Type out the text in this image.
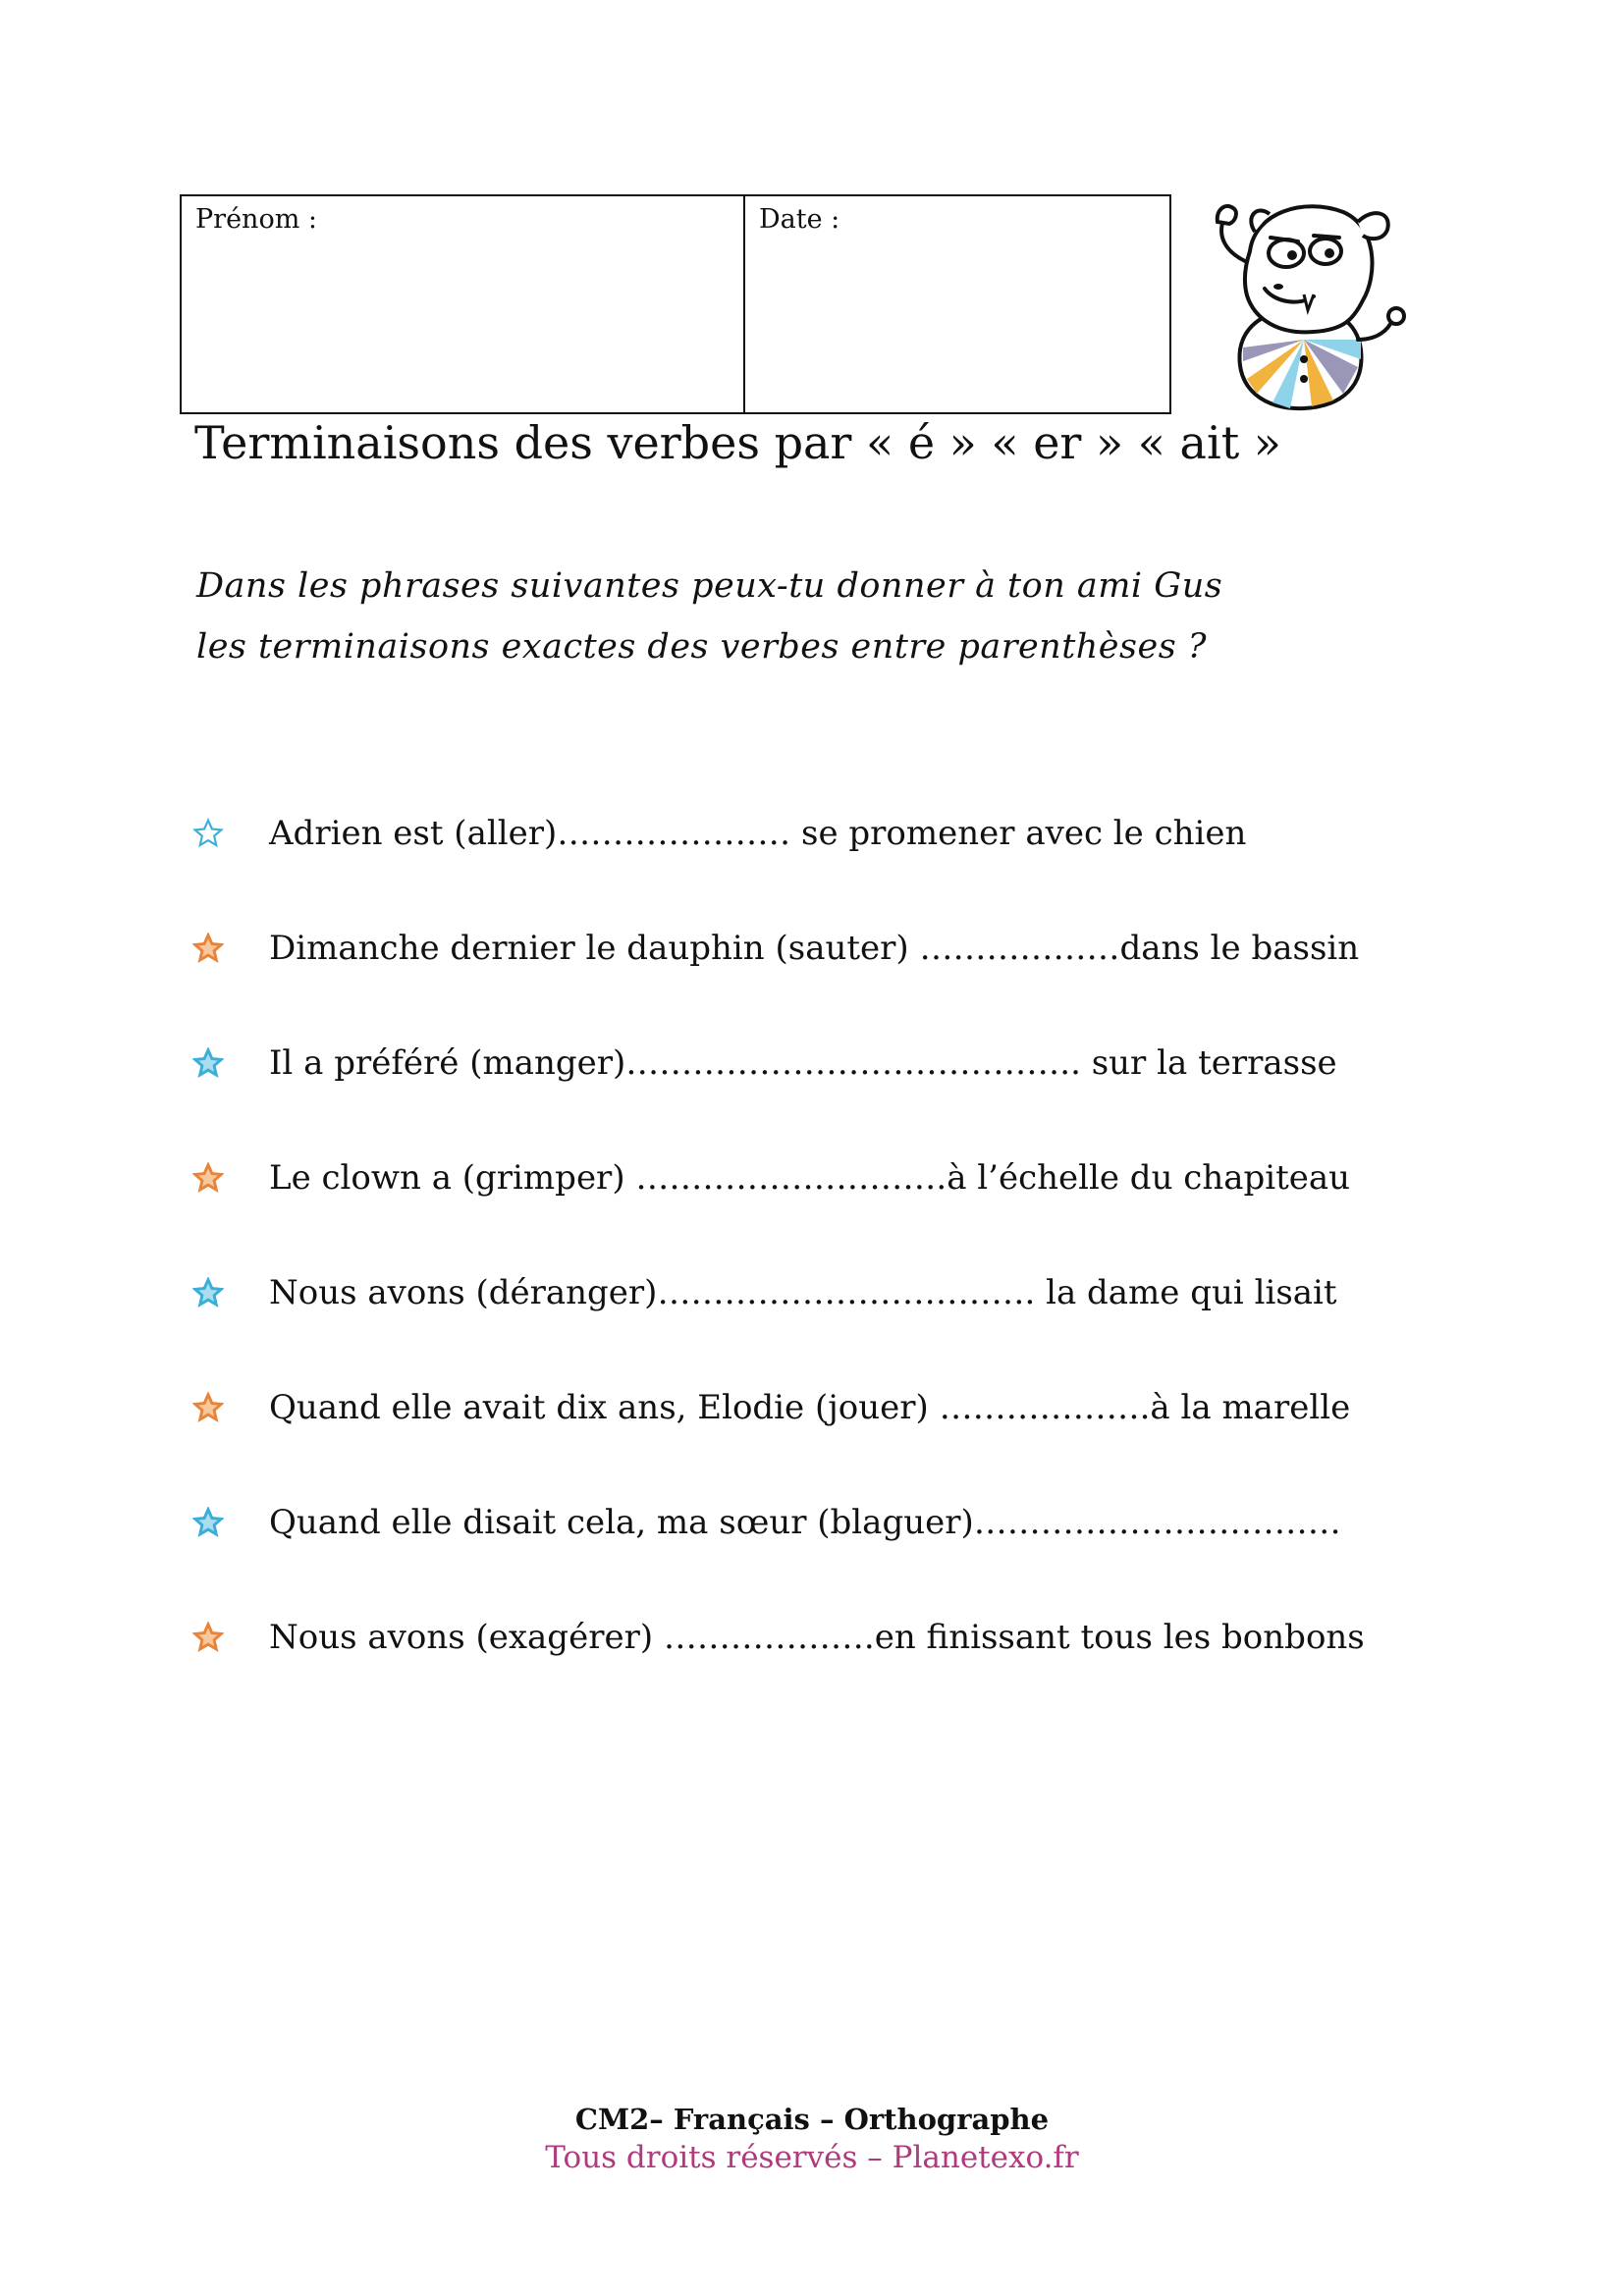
Prénom :	Date :
Terminaisons des verbes par « é » « er » « ait »
Dans les phrases suivantes peux-tu donner à ton ami Gus
les terminaisons exactes des verbes entre parenthèses ?
Adrien est (aller)………………… se promener avec le chien
Dimanche dernier le dauphin (sauter) ………………dans le bassin
Il a préféré (manger)………………………………….. sur la terrasse
Le clown a (grimper) ……………………….à l’échelle du chapiteau
Nous avons (déranger)……………………………. la dame qui lisait
Quand elle avait dix ans, Elodie (jouer) ……………….à la marelle
Quand elle disait cela, ma sœur (blaguer)……………………………
Nous avons (exagérer) ……………….en finissant tous les bonbons
CM2– Français – Orthographe
Tous droits réservés – Planetexo.fr
